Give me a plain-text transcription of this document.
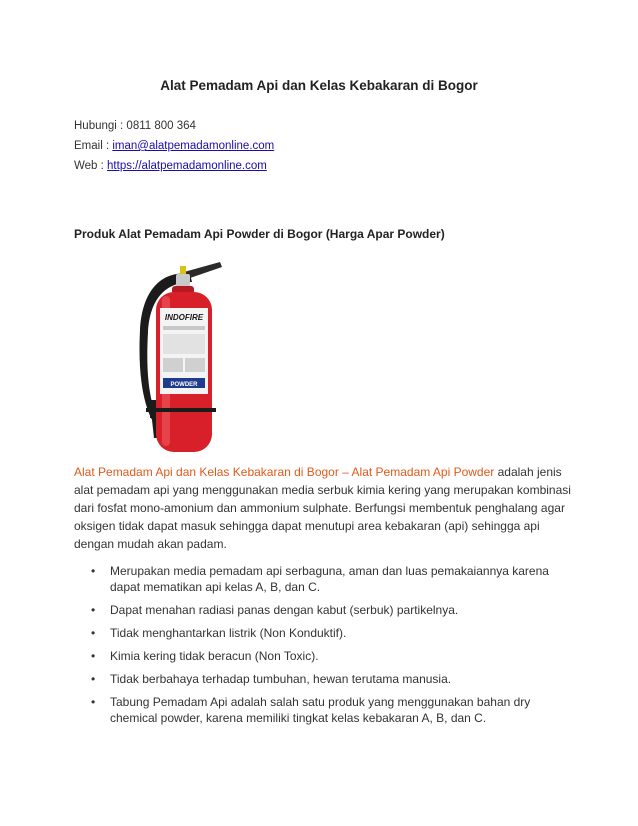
Alat Pemadam Api dan Kelas Kebakaran di Bogor
Hubungi : 0811 800 364
Email : iman@alatpemadamonline.com
Web : https://alatpemadamonline.com
Produk Alat Pemadam Api Powder di Bogor (Harga Apar Powder)
INDOFIRE
POWDER
Alat Pemadam Api dan Kelas Kebakaran di Bogor – Alat Pemadam Api Powder adalah jenis alat pemadam api yang menggunakan media serbuk kimia kering yang merupakan kombinasi dari fosfat mono-amonium dan ammonium sulphate. Berfungsi membentuk penghalang agar oksigen tidak dapat masuk sehingga dapat menutupi area kebakaran (api) sehingga api dengan mudah akan padam.
• Merupakan media pemadam api serbaguna, aman dan luas pemakaiannya karena dapat mematikan api kelas A, B, dan C.
• Dapat menahan radiasi panas dengan kabut (serbuk) partikelnya.
• Tidak menghantarkan listrik (Non Konduktif).
• Kimia kering tidak beracun (Non Toxic).
• Tidak berbahaya terhadap tumbuhan, hewan terutama manusia.
• Tabung Pemadam Api adalah salah satu produk yang menggunakan bahan dry chemical powder, karena memiliki tingkat kelas kebakaran A, B, dan C.
